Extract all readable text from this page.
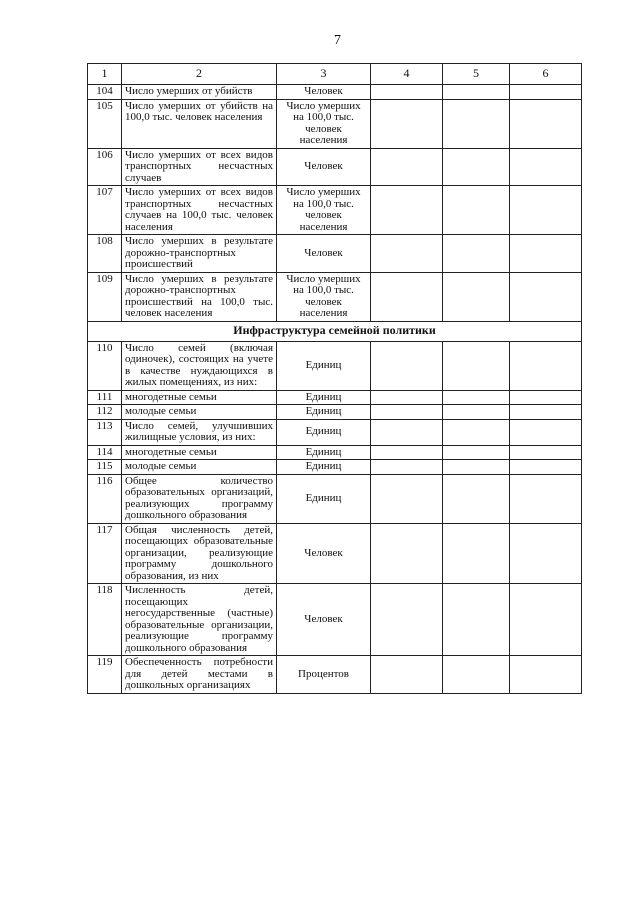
7
1	2	3	4	5	6
104	Число умерших от убийств	Человек			
105	Число умерших от убийств на 100,0 тыс. человек населения	Число умерших на 100,0 тыс. человек населения			
106	Число умерших от всех видов транспортных несчастных случаев	Человек			
107	Число умерших от всех видов транспортных несчастных случаев на 100,0 тыс. человек населения	Число умерших на 100,0 тыс. человек населения			
108	Число умерших в результате дорожно-транспортных происшествий	Человек			
109	Число умерших в результате дорожно-транспортных происшествий на 100,0 тыс. человек населения	Число умерших на 100,0 тыс. человек населения			
Инфраструктура семейной политики					
110	Число семей (включая одиночек), состоящих на учете в качестве нуждающихся в жилых помещениях, из них:	Единиц			
111	многодетные семьи	Единиц			
112	молодые семьи	Единиц			
113	Число семей, улучшивших жилищные условия, из них:	Единиц			
114	многодетные семьи	Единиц			
115	молодые семьи	Единиц			
116	Общее количество образовательных организаций, реализующих программу дошкольного образования	Единиц			
117	Общая численность детей, посещающих образовательные организации, реализующие программу дошкольного образования, из них	Человек			
118	Численность детей, посещающих негосударственные (частные) образовательные организации, реализующие программу дошкольного образования	Человек			
119	Обеспеченность потребности для детей местами в дошкольных организациях	Процентов			
